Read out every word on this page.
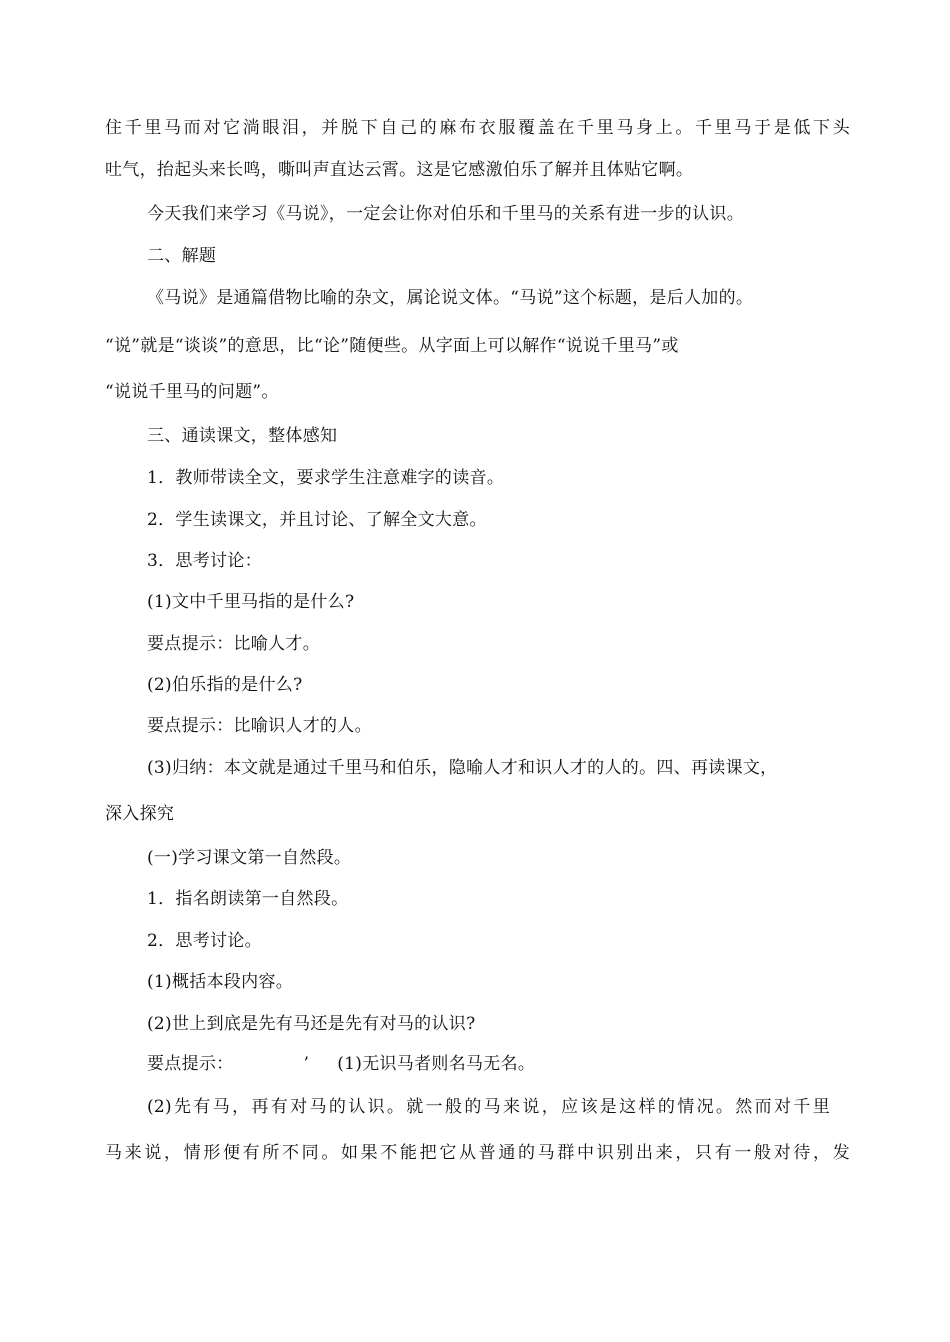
住千里马而对它淌眼泪，并脱下自己的麻布衣服覆盖在千里马身上。千里马于是低下头
吐气，抬起头来长鸣，嘶叫声直达云霄。这是它感激伯乐了解并且体贴它啊。
今天我们来学习《马说》，一定会让你对伯乐和千里马的关系有进一步的认识。
二、解题
《马说》是通篇借物比喻的杂文，属论说文体。“马说”这个标题，是后人加的。
“说”就是“谈谈”的意思，比“论”随便些。从字面上可以解作“说说千里马”或
“说说千里马的问题”。
三、通读课文，整体感知
1．教师带读全文，要求学生注意难字的读音。
2．学生读课文，并且讨论、了解全文大意。
3．思考讨论：
(1)文中千里马指的是什么?
要点提示：比喻人才。
(2)伯乐指的是什么?
要点提示：比喻识人才的人。
(3)归纳：本文就是通过千里马和伯乐，隐喻人才和识人才的人的。四、再读课文，
深入探究
(一)学习课文第一自然段。
1．指名朗读第一自然段。
2．思考讨论。
(1)概括本段内容。
(2)世上到底是先有马还是先有对马的认识?
要点提示：	’ (1)无识马者则名马无名。
(2)先有马，再有对马的认识。就一般的马来说，应该是这样的情况。然而对千里
马来说，情形便有所不同。如果不能把它从普通的马群中识别出来，只有一般对待，发
